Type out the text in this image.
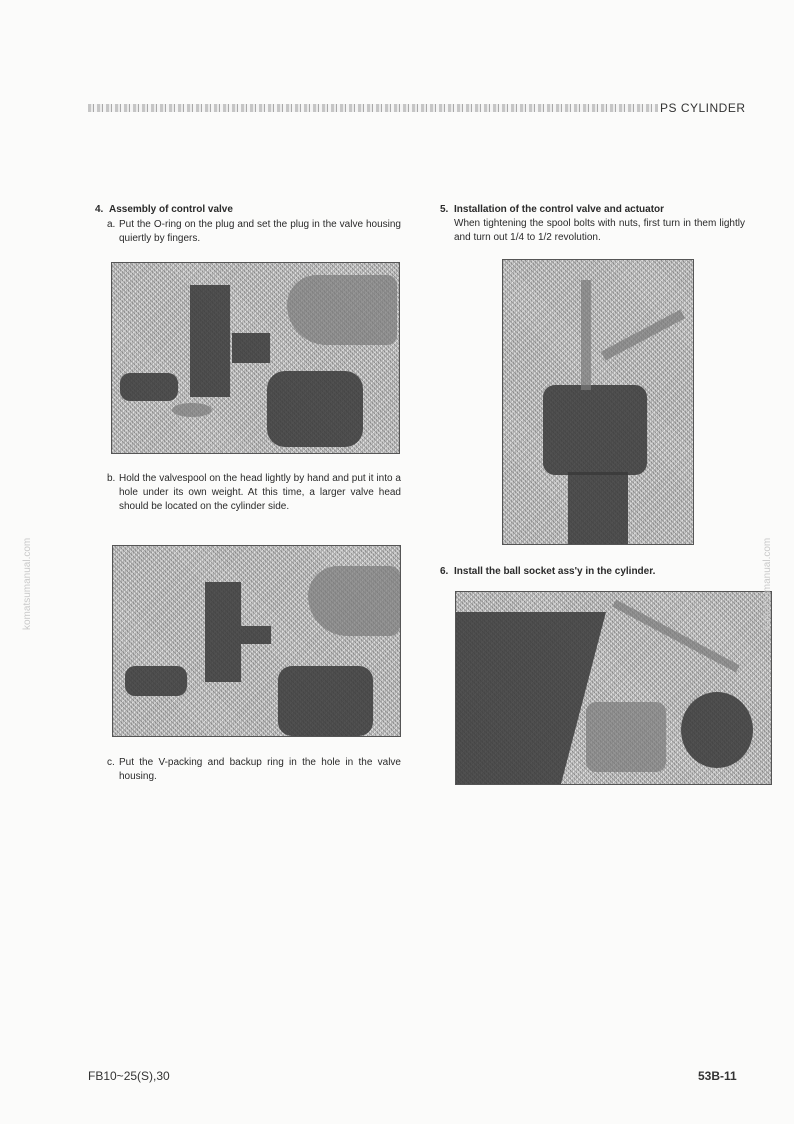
PS CYLINDER
4. Assembly of control valve
a. Put the O-ring on the plug and set the plug in the valve housing quiertly by fingers.
b. Hold the valvespool on the head lightly by hand and put it into a hole under its own weight. At this time, a larger valve head should be located on the cylinder side.
c. Put the V-packing and backup ring in the hole in the valve housing.
5. Installation of the control valve and actuator
When tightening the spool bolts with nuts, first turn in them lightly and turn out 1/4 to 1/2 revolution.
6. Install the ball socket ass'y in the cylinder.
komatsumanual.com	komatsumanual.com
FB10~25(S),30	53B-11
